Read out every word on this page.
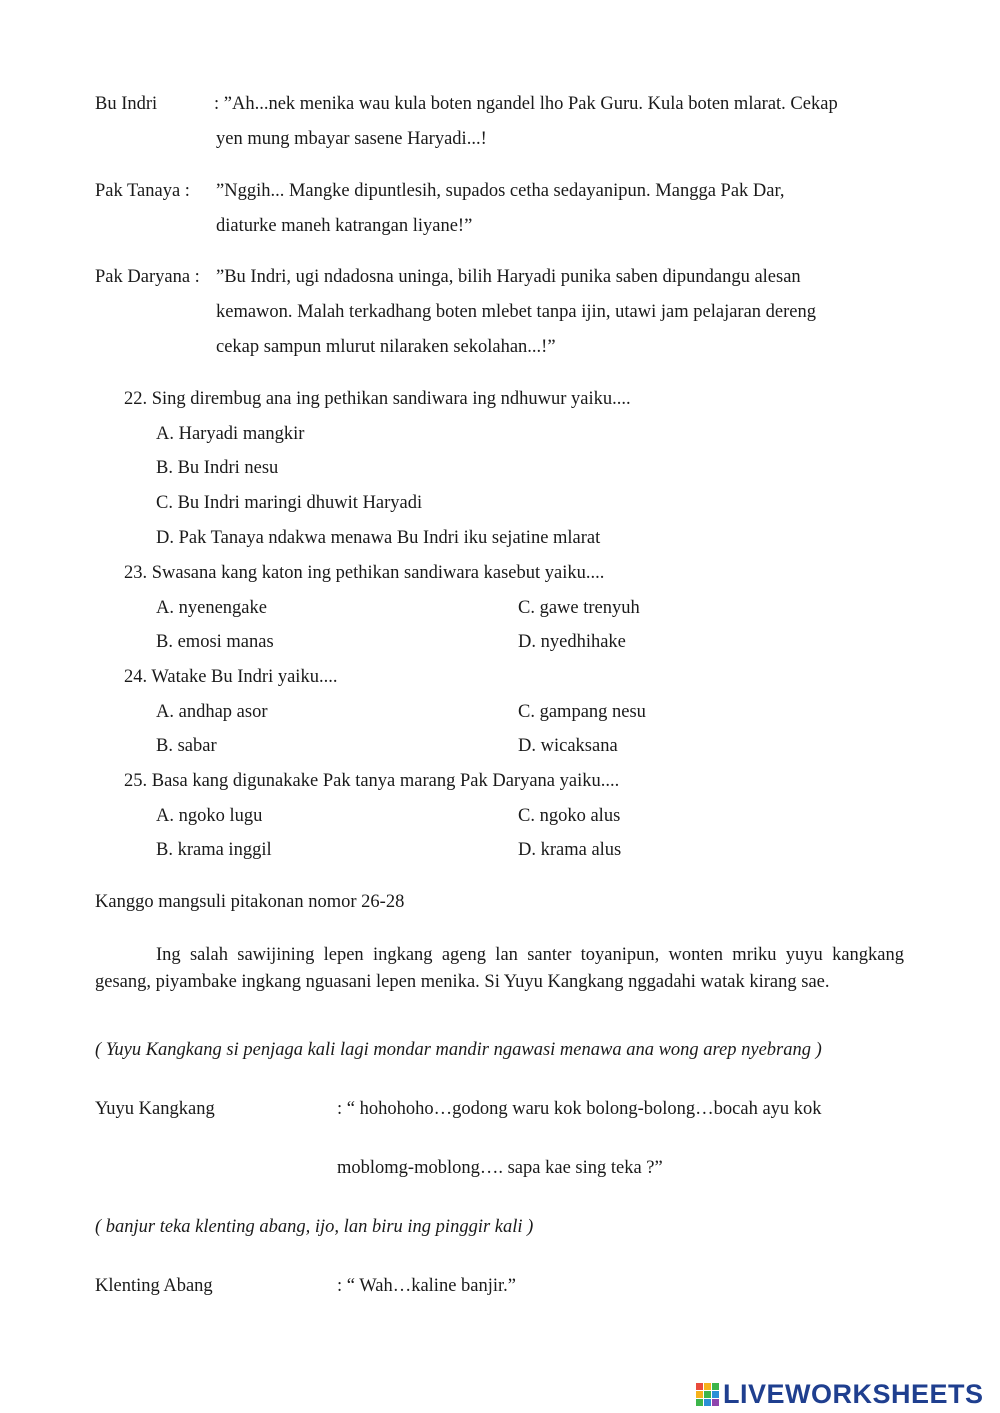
Bu Indri	: ”Ah...nek menika wau kula boten ngandel lho Pak Guru. Kula boten mlarat. Cekap
yen mung mbayar sasene Haryadi...!
Pak Tanaya : ”Nggih... Mangke dipuntlesih, supados cetha sedayanipun. Mangga Pak Dar,
diaturke maneh katrangan liyane!”
Pak Daryana : ”Bu Indri, ugi ndadosna uninga, bilih Haryadi punika saben dipundangu alesan
kemawon. Malah terkadhang boten mlebet tanpa ijin, utawi jam pelajaran dereng
cekap sampun mlurut nilaraken sekolahan...!”
22. Sing dirembug ana ing pethikan sandiwara ing ndhuwur yaiku....
A. Haryadi mangkir
B. Bu Indri nesu
C. Bu Indri maringi dhuwit Haryadi
D. Pak Tanaya ndakwa menawa Bu Indri iku sejatine mlarat
23. Swasana kang katon ing pethikan sandiwara kasebut yaiku....
A. nyenengake	C. gawe trenyuh
B. emosi manas	D. nyedhihake
24. Watake Bu Indri yaiku....
A. andhap asor	C. gampang nesu
B. sabar	D. wicaksana
25. Basa kang digunakake Pak tanya marang Pak Daryana yaiku....
A. ngoko lugu	C. ngoko alus
B. krama inggil	D. krama alus
Kanggo mangsuli pitakonan nomor 26-28
Ing salah sawijining lepen ingkang ageng lan santer toyanipun, wonten mriku yuyu kangkang gesang, piyambake ingkang nguasani lepen menika. Si Yuyu Kangkang nggadahi watak kirang sae.
( Yuyu Kangkang si penjaga kali lagi mondar mandir ngawasi menawa ana wong arep nyebrang )
Yuyu Kangkang	: “ hohohoho…godong waru kok bolong-bolong…bocah ayu kok
moblomg-moblong…. sapa kae sing teka ?”
( banjur teka klenting abang, ijo, lan biru ing pinggir kali )
Klenting Abang	: “ Wah…kaline banjir.”
LIVEWORKSHEETS
